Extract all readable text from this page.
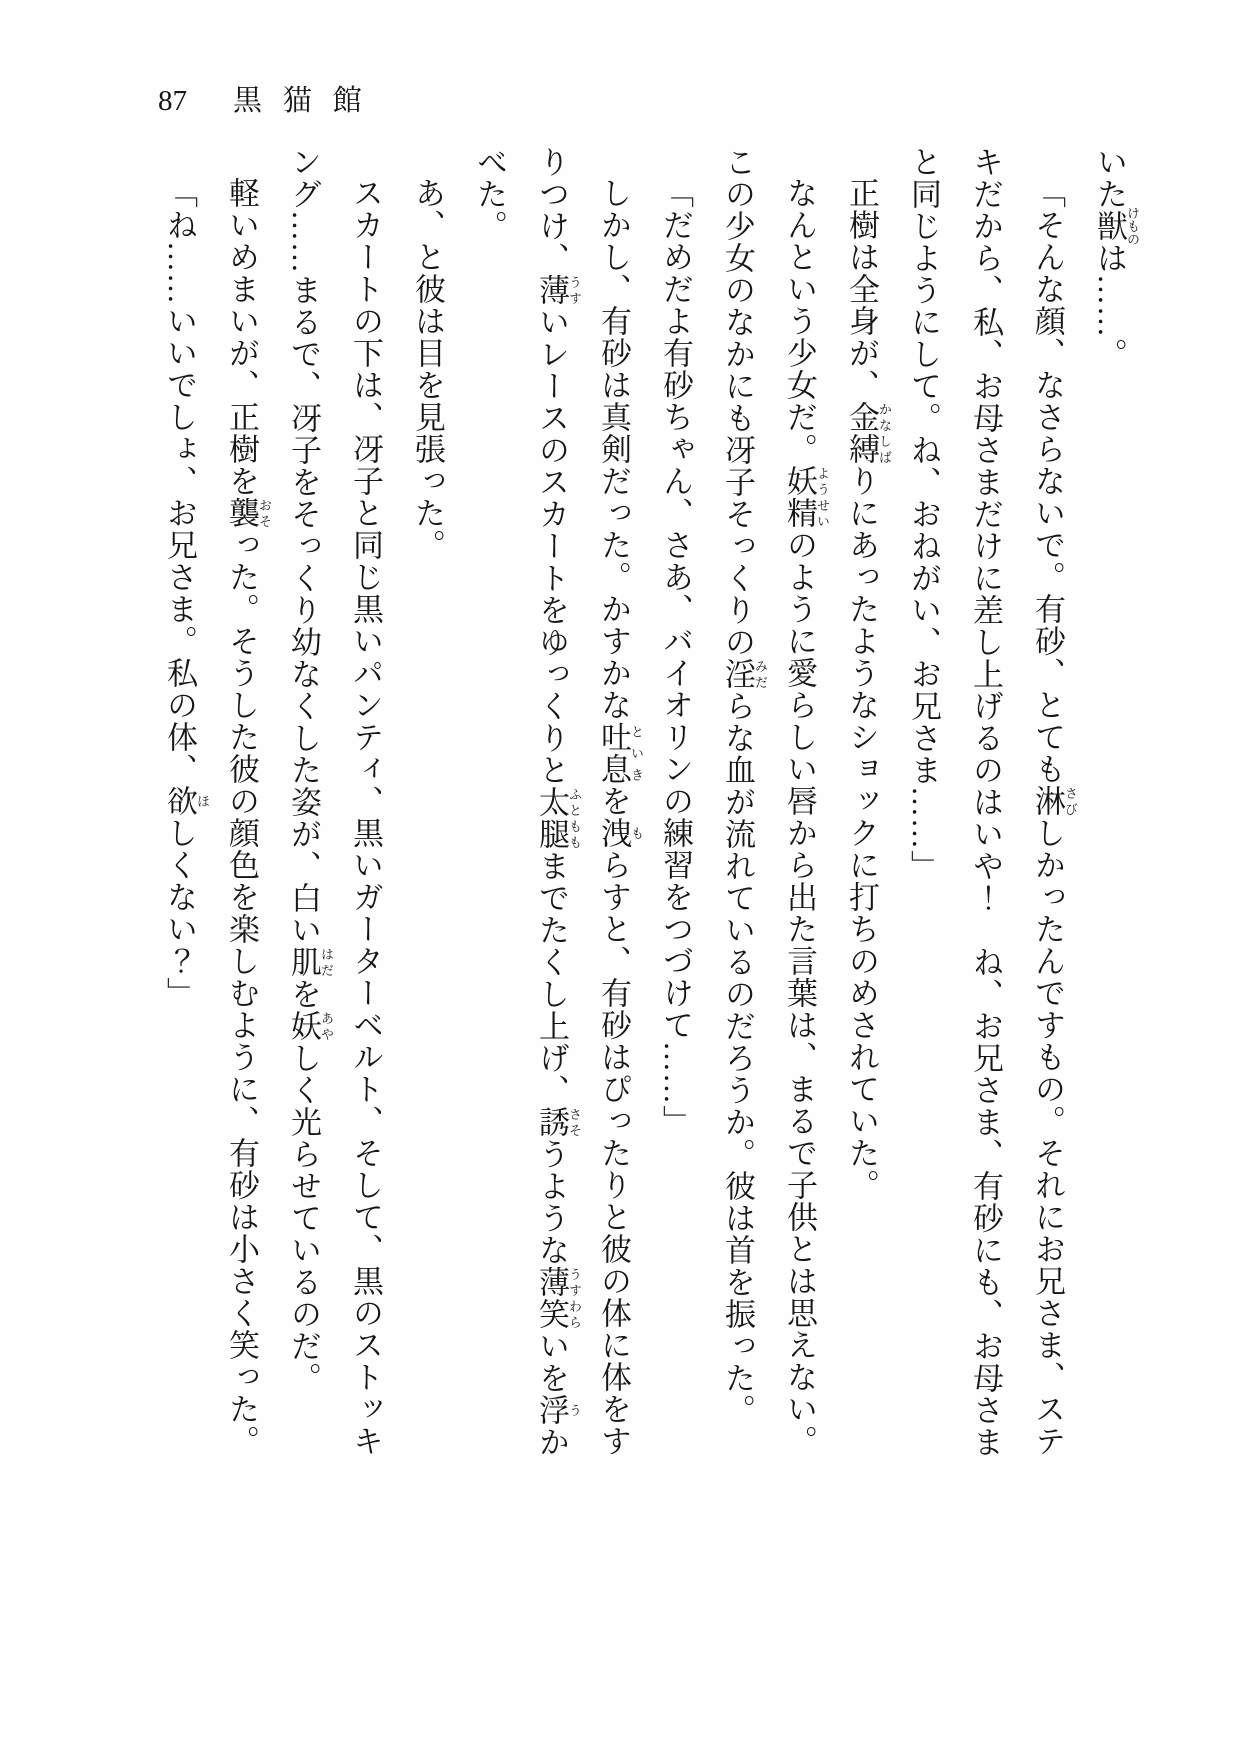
87 黒猫館

いた獣けものは……。

「そんな顔、なさらないで。有砂、とても淋さびしかったんですもの。それにお兄さま、ステキだから、私、お母さまだけに差し上げるのはいや！　ね、お兄さま、有砂にも、お母さまと同じようにして。ね、おねがい、お兄さま……」

正樹は全身が、金縛かなしばりにあったようなショックに打ちのめされていた。

なんという少女だ。妖精ようせいのように愛らしい唇から出た言葉は、まるで子供とは思えない。この少女のなかにも冴子そっくりの淫みだらな血が流れているのだろうか。彼は首を振った。

「だめだよ有砂ちゃん、さあ、バイオリンの練習をつづけて……」

しかし、有砂は真剣だった。かすかな吐息といきを洩もらすと、有砂はぴったりと彼の体に体をすりつけ、薄うすいレースのスカートをゆっくりと太腿ふとももまでたくし上げ、誘さそうような薄笑うすわらいを浮うかべた。

あ、と彼は目を見張った。

スカートの下は、冴子と同じ黒いパンティ、黒いガーターベルト、そして、黒のストッキング……まるで、冴子をそっくり幼なくした姿が、白い肌はだを妖あやしく光らせているのだ。

軽いめまいが、正樹を襲おそった。そうした彼の顔色を楽しむように、有砂は小さく笑った。

「ね……いいでしょ、お兄さま。私の体、欲ほしくない？」
